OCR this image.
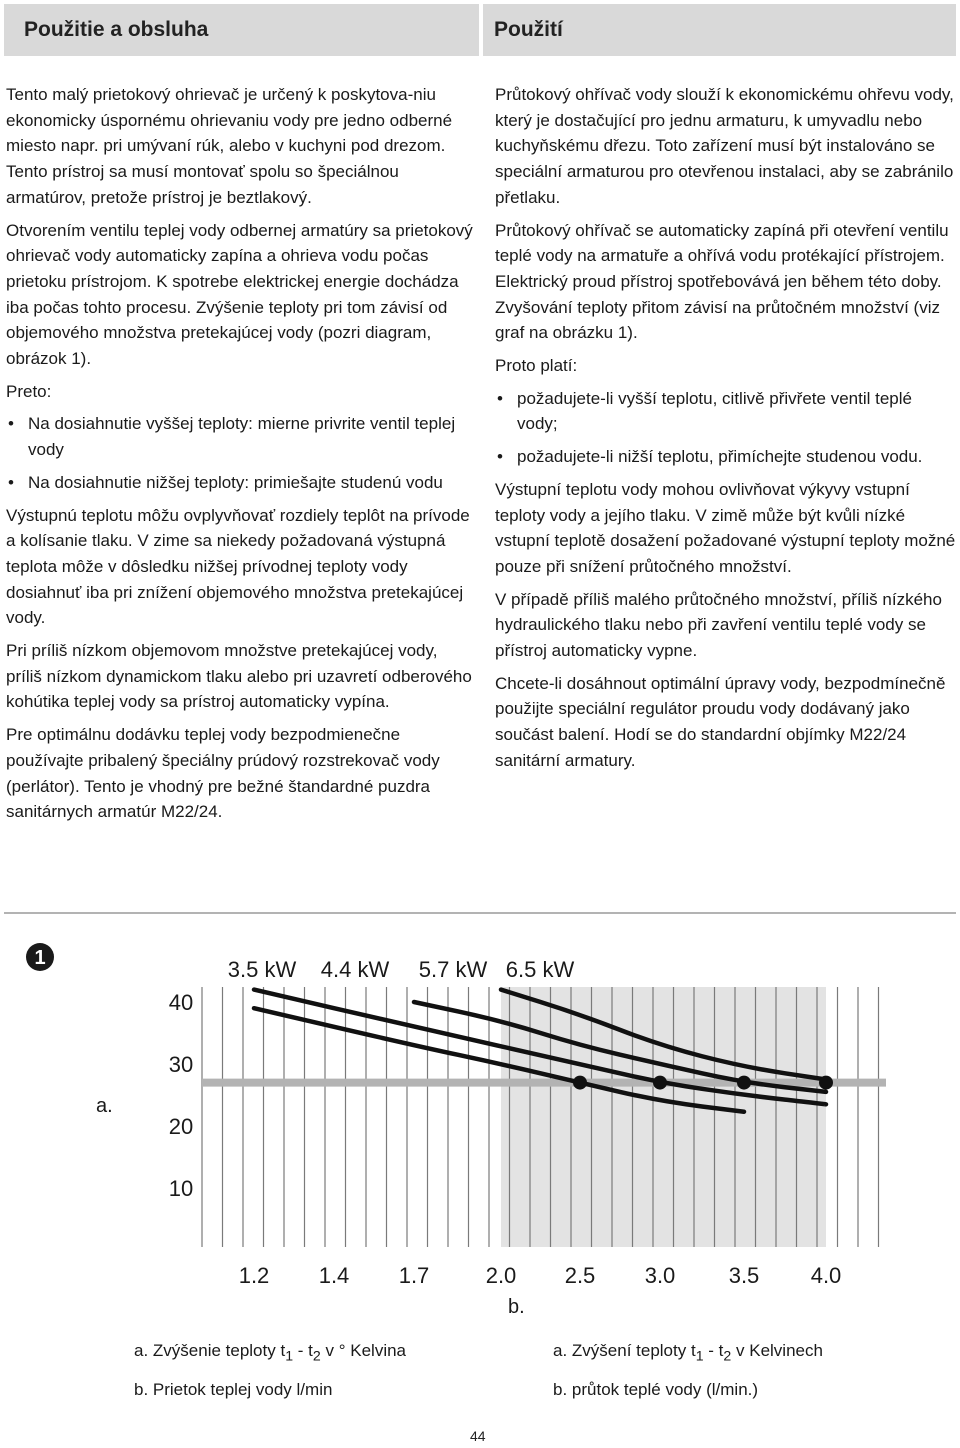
Použitie a obsluha	Použití

Tento malý prietokový ohrievač je určený k poskytova-niu ekonomicky úspornému ohrievaniu vody pre jedno odberné miesto napr. pri umývaní rúk, alebo v kuchyni pod drezom. Tento prístroj sa musí montovať spolu so špeciálnou armatúrov, pretože prístroj je beztlakový.

Otvorením ventilu teplej vody odbernej armatúry sa prietokový ohrievač vody automaticky zapína a ohrieva vodu počas prietoku prístrojom. K spotrebe elektrickej energie dochádza iba počas tohto procesu. Zvýšenie teploty pri tom závisí od objemového množstva pretekajúcej vody (pozri diagram, obrázok 1).

Preto:

• Na dosiahnutie vyššej teploty: mierne privrite ventil teplej vody
• Na dosiahnutie nižšej teploty: primiešajte studenú vodu

Výstupnú teplotu môžu ovplyvňovať rozdiely teplôt na prívode a kolísanie tlaku. V zime sa niekedy požadovaná výstupná teplota môže v dôsledku nižšej prívodnej teploty vody dosiahnuť iba pri znížení objemového množstva pretekajúcej vody.

Pri príliš nízkom objemovom množstve pretekajúcej vody, príliš nízkom dynamickom tlaku alebo pri uzavretí odberového kohútika teplej vody sa prístroj automaticky vypína.

Pre optimálnu dodávku teplej vody bezpodmienečne používajte pribalený špeciálny prúdový rozstrekovač vody (perlátor). Tento je vhodný pre bežné štandardné puzdra sanitárnych armatúr M22/24.

Průtokový ohřívač vody slouží k ekonomickému ohřevu vody, který je dostačující pro jednu armaturu, k umyvadlu nebo kuchyňskému dřezu. Toto zařízení musí být instalováno se speciální armaturou pro otevřenou instalaci, aby se zabránilo přetlaku.

Průtokový ohřívač se automaticky zapíná při otevření ventilu teplé vody na armatuře a ohřívá vodu protékající přístrojem. Elektrický proud přístroj spotřebovává jen během této doby. Zvyšování teploty přitom závisí na průtočném množství (viz graf na obrázku 1).

Proto platí:

• požadujete-li vyšší teplotu, citlivě přivřete ventil teplé vody;
• požadujete-li nižší teplotu, přimíchejte studenou vodu.

Výstupní teplotu vody mohou ovlivňovat výkyvy vstupní teploty vody a jejího tlaku. V zimě může být kvůli nízké vstupní teplotě dosažení požadované výstupní teploty možné pouze při snížení průtočného množství.

V případě příliš malého průtočného množství, příliš nízkého hydraulického tlaku nebo při zavření ventilu teplé vody se přístroj automaticky vypne.

Chcete-li dosáhnout optimální úpravy vody, bezpodmínečně použijte speciální regulátor proudu vody dodávaný jako součást balení. Hodí se do standardní objímky M22/24 sanitární armatury.

1
a.
b.
10
20
30
40
1.2 1.4 1.7	2.0 2.5 3.0 3.5 4.0
3.5 kW 4.4 kW 5.7 kW 6.5 kW
a. Zvýšenie teploty $t_1 - t_2$ v ° Kelvina
b. Prietok teplej vody l/min
a. Zvýšení teploty $t_1 - t_2$ v Kelvinech
b. průtok teplé vody (l/min.)
44
